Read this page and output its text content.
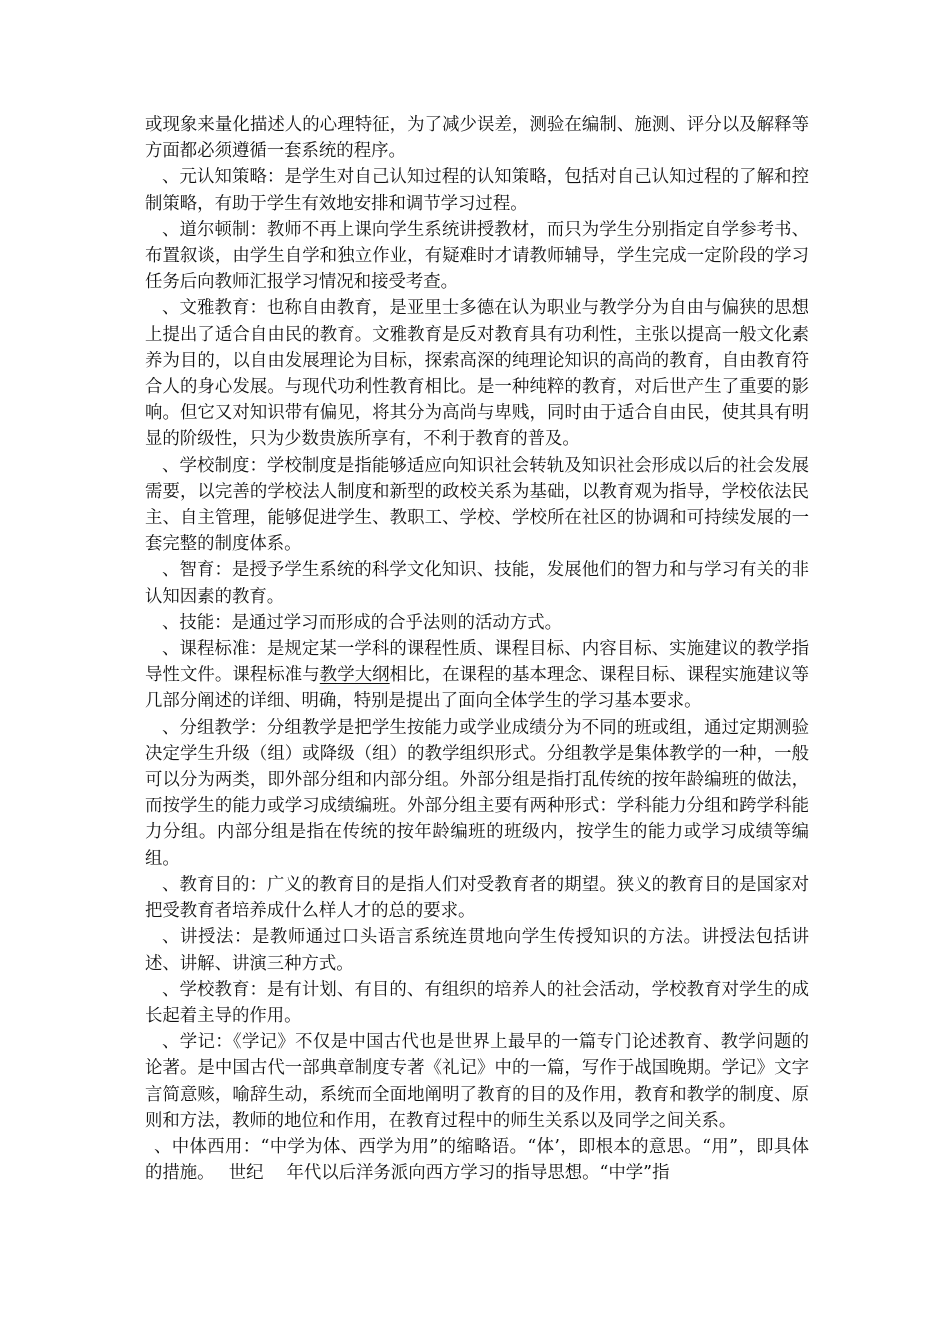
或现象来量化描述人的心理特征，为了减少误差，测验在编制、施测、评分以及解释等方面都必须遵循一套系统的程序。

、元认知策略：是学生对自己认知过程的认知策略，包括对自己认知过程的了解和控制策略，有助于学生有效地安排和调节学习过程。

、道尔顿制：教师不再上课向学生系统讲授教材，而只为学生分别指定自学参考书、布置叙谈，由学生自学和独立作业，有疑难时才请教师辅导，学生完成一定阶段的学习任务后向教师汇报学习情况和接受考查。

、文雅教育：也称自由教育，是亚里士多德在认为职业与教学分为自由与偏狭的思想上提出了适合自由民的教育。文雅教育是反对教育具有功利性，主张以提高一般文化素养为目的，以自由发展理论为目标，探索高深的纯理论知识的高尚的教育，自由教育符合人的身心发展。与现代功利性教育相比。是一种纯粹的教育，对后世产生了重要的影响。但它又对知识带有偏见，将其分为高尚与卑贱，同时由于适合自由民，使其具有明显的阶级性，只为少数贵族所享有，不利于教育的普及。

、学校制度：学校制度是指能够适应向知识社会转轨及知识社会形成以后的社会发展需要，以完善的学校法人制度和新型的政校关系为基础，以教育观为指导，学校依法民主、自主管理，能够促进学生、教职工、学校、学校所在社区的协调和可持续发展的一套完整的制度体系。

、智育：是授予学生系统的科学文化知识、技能，发展他们的智力和与学习有关的非认知因素的教育。

、技能：是通过学习而形成的合乎法则的活动方式。

、课程标准：是规定某一学科的课程性质、课程目标、内容目标、实施建议的教学指导性文件。课程标准与教学大纲相比，在课程的基本理念、课程目标、课程实施建议等几部分阐述的详细、明确，特别是提出了面向全体学生的学习基本要求。

、分组教学：分组教学是把学生按能力或学业成绩分为不同的班或组，通过定期测验决定学生升级（组）或降级（组）的教学组织形式。分组教学是集体教学的一种，一般可以分为两类，即外部分组和内部分组。外部分组是指打乱传统的按年龄编班的做法，而按学生的能力或学习成绩编班。外部分组主要有两种形式：学科能力分组和跨学科能力分组。内部分组是指在传统的按年龄编班的班级内，按学生的能力或学习成绩等编组。

、教育目的：广义的教育目的是指人们对受教育者的期望。狭义的教育目的是国家对把受教育者培养成什么样人才的总的要求。

、讲授法：是教师通过口头语言系统连贯地向学生传授知识的方法。讲授法包括讲述、讲解、讲演三种方式。

、学校教育：是有计划、有目的、有组织的培养人的社会活动，学校教育对学生的成长起着主导的作用。

、学记：《学记》不仅是中国古代也是世界上最早的一篇专门论述教育、教学问题的论著。是中国古代一部典章制度专著《礼记》中的一篇，写作于战国晚期。学记》文字言简意赅，喻辞生动，系统而全面地阐明了教育的目的及作用，教育和教学的制度、原则和方法，教师的地位和作用，在教育过程中的师生关系以及同学之间关系。

、中体西用：“中学为体、西学为用”的缩略语。“体’，即根本的意思。“用”，即具体的措施。　 世纪　 年代以后洋务派向西方学习的指导思想。“中学”指
